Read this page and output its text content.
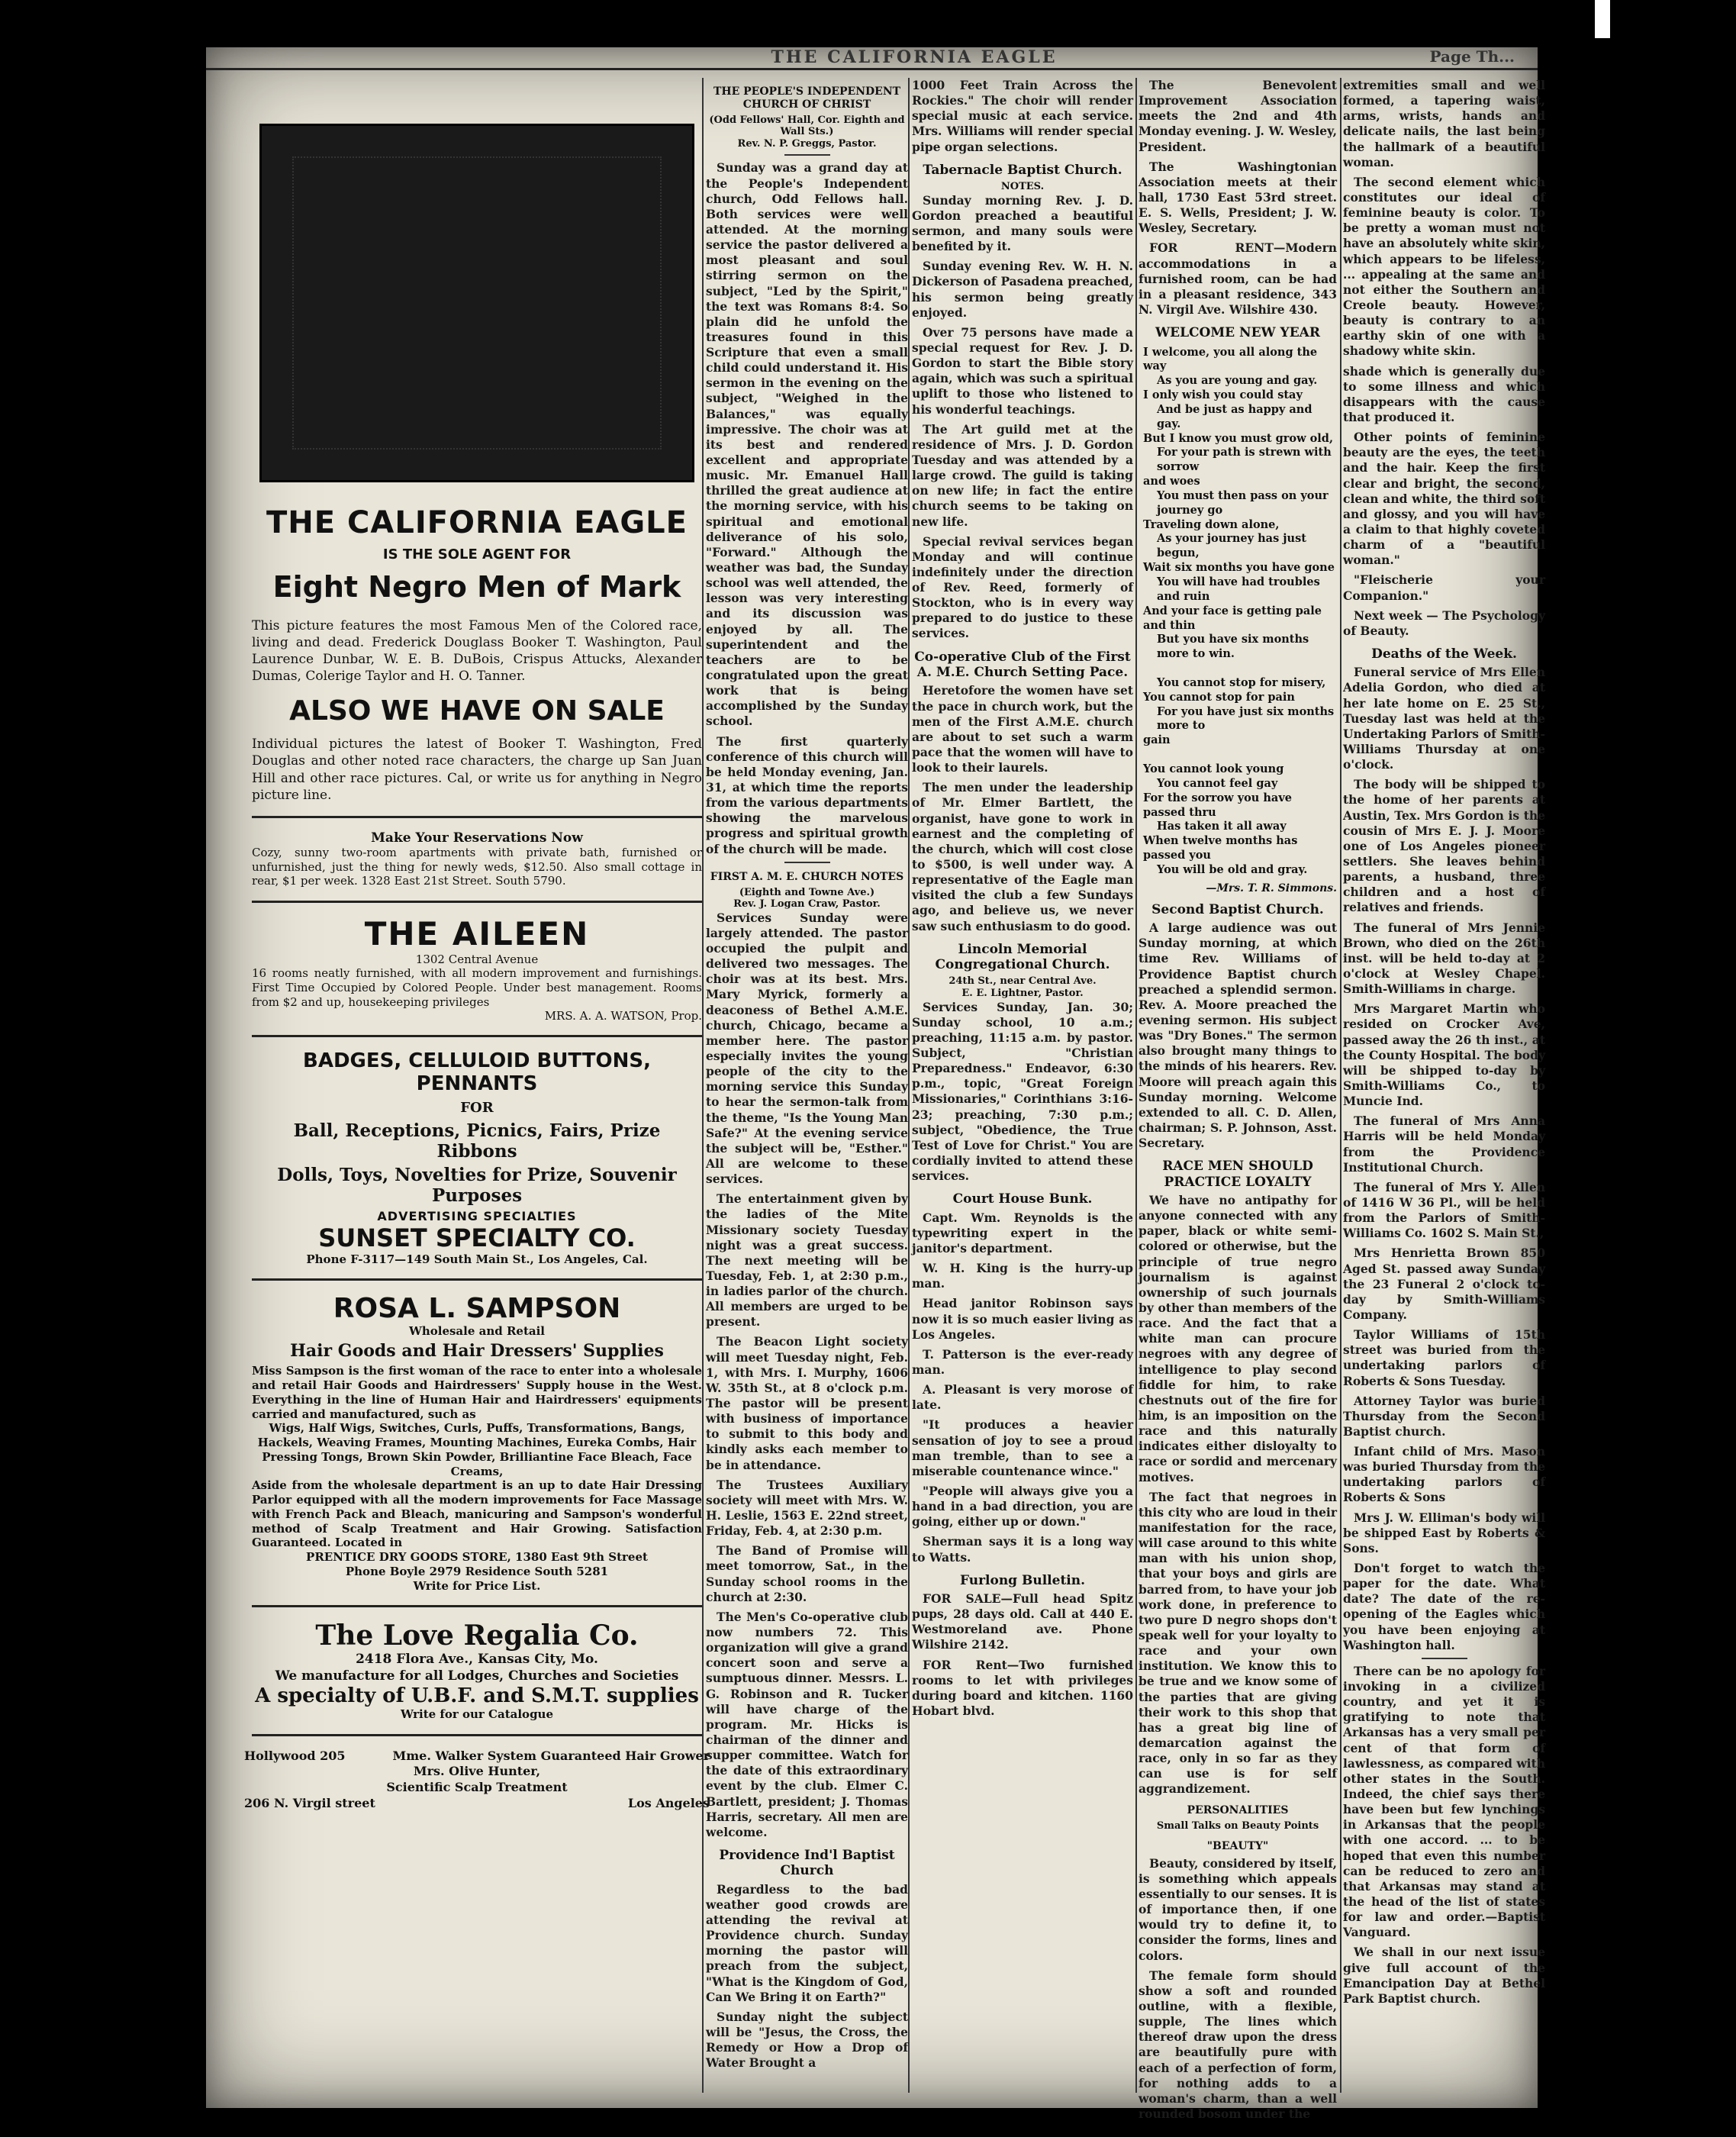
THE CALIFORNIA EAGLE	Page Th...
THE CALIFORNIA EAGLE
IS THE SOLE AGENT FOR
Eight Negro Men of Mark
This picture features the most Famous Men of the Colored race, living and dead. Frederick Douglass Booker T. Washington, Paul Laurence Dunbar, W. E. B. DuBois, Crispus Attucks, Alexander Dumas, Colerige Taylor and H. O. Tanner.
ALSO WE HAVE ON SALE
Individual pictures the latest of Booker T. Washington, Fred Douglas and other noted race characters, the charge up San Juan Hill and other race pictures. Cal, or write us for anything in Negro picture line.
Make Your Reservations Now
Cozy, sunny two-room apartments with private bath, furnished or unfurnished, just the thing for newly weds, $12.50. Also small cottage in rear, $1 per week. 1328 East 21st Street. South 5790.
THE AILEEN
1302 Central Avenue
16 rooms neatly furnished, with all modern improvement and furnishings. First Time Occupied by Colored People. Under best management. Rooms from $2 and up, housekeeping privileges
MRS. A. A. WATSON, Prop.
BADGES, CELLULOID BUTTONS, PENNANTS
FOR
Ball, Receptions, Picnics, Fairs, Prize Ribbons
Dolls, Toys, Novelties for Prize, Souvenir Purposes
ADVERTISING SPECIALTIES
SUNSET SPECIALTY CO.
Phone F-3117—149 South Main St., Los Angeles, Cal.
ROSA L. SAMPSON
Wholesale and Retail
Hair Goods and Hair Dressers' Supplies
Miss Sampson is the first woman of the race to enter into a wholesale and retail Hair Goods and Hairdressers' Supply house in the West. Everything in the line of Human Hair and Hairdressers' equipments carried and manufactured, such as
Wigs, Half Wigs, Switches, Curls, Puffs, Transformations, Bangs, Hackels, Weaving Frames, Mounting Machines, Eureka Combs, Hair Pressing Tongs, Brown Skin Powder, Brilliantine Face Bleach, Face Creams,
Aside from the wholesale department is an up to date Hair Dressing Parlor equipped with all the modern improvements for Face Massage with French Pack and Bleach, manicuring and Sampson's wonderful method of Scalp Treatment and Hair Growing. Satisfaction Guaranteed. Located in
PRENTICE DRY GOODS STORE, 1380 East 9th Street
Phone Boyle 2979 Residence South 5281
Write for Price List.
The Love Regalia Co.
2418 Flora Ave., Kansas City, Mo.
We manufacture for all Lodges, Churches and Societies
A specialty of U.B.F. and S.M.T. supplies
Write for our Catalogue
Hollywood 205	Mme. Walker System Guaranteed Hair Grower
Mrs. Olive Hunter,
Scientific Scalp Treatment
206 N. Virgil street	Los Angeles
THE PEOPLE'S INDEPENDENT CHURCH OF CHRIST
(Odd Fellows' Hall, Cor. Eighth and Wall Sts.)
Rev. N. P. Greggs, Pastor.

Sunday was a grand day at the People's Independent church, Odd Fellows hall. Both services were well attended. At the morning service the pastor delivered a most pleasant and soul stirring sermon on the subject, "Led by the Spirit," the text was Romans 8:4. So plain did he unfold the treasures found in this Scripture that even a small child could understand it. His sermon in the evening on the subject, "Weighed in the Balances," was equally impressive. The choir was at its best and rendered excellent and appropriate music. Mr. Emanuel Hall thrilled the great audience at the morning service, with his spiritual and emotional deliverance of his solo, "Forward." Although the weather was bad, the Sunday school was well attended, the lesson was very interesting and its discussion was enjoyed by all. The superintendent and the teachers are to be congratulated upon the great work that is being accomplished by the Sunday school.

The first quarterly conference of this church will be held Monday evening, Jan. 31, at which time the reports from the various departments showing the marvelous progress and spiritual growth of the church will be made.

FIRST A. M. E. CHURCH NOTES
(Eighth and Towne Ave.)
Rev. J. Logan Craw, Pastor.

Services Sunday were largely attended. The pastor occupied the pulpit and delivered two messages. The choir was at its best. Mrs. Mary Myrick, formerly a deaconess of Bethel A.M.E. church, Chicago, became a member here. The pastor especially invites the young people of the city to the morning service this Sunday to hear the sermon-talk from the theme, "Is the Young Man Safe?" At the evening service the subject will be, "Esther." All are welcome to these services.

The entertainment given by the ladies of the Mite Missionary society Tuesday night was a great success. The next meeting will be Tuesday, Feb. 1, at 2:30 p.m., in ladies parlor of the church. All members are urged to be present.

The Beacon Light society will meet Tuesday night, Feb. 1, with Mrs. I. Murphy, 1606 W. 35th St., at 8 o'clock p.m. The pastor will be present with business of importance to submit to this body and kindly asks each member to be in attendance.

The Trustees Auxiliary society will meet with Mrs. W. H. Leslie, 1563 E. 22nd street, Friday, Feb. 4, at 2:30 p.m.

The Band of Promise will meet tomorrow, Sat., in the Sunday school rooms in the church at 2:30.

The Men's Co-operative club now numbers 72. This organization will give a grand concert soon and serve a sumptuous dinner. Messrs. L. G. Robinson and R. Tucker will have charge of the program. Mr. Hicks is chairman of the dinner and supper committee. Watch for the date of this extraordinary event by the club. Elmer C. Bartlett, president; J. Thomas Harris, secretary. All men are welcome.

Providence Ind'l Baptist Church

Regardless to the bad weather good crowds are attending the revival at Providence church. Sunday morning the pastor will preach from the subject, "What is the Kingdom of God, Can We Bring it on Earth?"

Sunday night the subject will be "Jesus, the Cross, the Remedy or How a Drop of Water Brought a

1000 Feet Train Across the Rockies." The choir will render special music at each service. Mrs. Williams will render special pipe organ selections.

Tabernacle Baptist Church.
NOTES.

Sunday morning Rev. J. D. Gordon preached a beautiful sermon, and many souls were benefited by it.

Sunday evening Rev. W. H. N. Dickerson of Pasadena preached, his sermon being greatly enjoyed.

Over 75 persons have made a special request for Rev. J. D. Gordon to start the Bible story again, which was such a spiritual uplift to those who listened to his wonderful teachings.

The Art guild met at the residence of Mrs. J. D. Gordon Tuesday and was attended by a large crowd. The guild is taking on new life; in fact the entire church seems to be taking on new life.

Special revival services began Monday and will continue indefinitely under the direction of Rev. Reed, formerly of Stockton, who is in every way prepared to do justice to these services.

Co-operative Club of the First A. M.E. Church Setting Pace.

Heretofore the women have set the pace in church work, but the men of the First A.M.E. church are about to set such a warm pace that the women will have to look to their laurels.

The men under the leadership of Mr. Elmer Bartlett, the organist, have gone to work in earnest and the completing of the church, which will cost close to $500, is well under way. A representative of the Eagle man visited the club a few Sundays ago, and believe us, we never saw such enthusiasm to do good.

Lincoln Memorial Congregational Church.
24th St., near Central Ave.
E. E. Lightner, Pastor.

Services Sunday, Jan. 30; Sunday school, 10 a.m.; preaching, 11:15 a.m. by pastor. Subject, "Christian Preparedness." Endeavor, 6:30 p.m., topic, "Great Foreign Missionaries," Corinthians 3:16-23; preaching, 7:30 p.m.; subject, "Obedience, the True Test of Love for Christ." You are cordially invited to attend these services.

Court House Bunk.

Capt. Wm. Reynolds is the typewriting expert in the janitor's department.

W. H. King is the hurry-up man.

Head janitor Robinson says now it is so much easier living as Los Angeles.

T. Patterson is the ever-ready man.

A. Pleasant is very morose of late.

"It produces a heavier sensation of joy to see a proud man tremble, than to see a miserable countenance wince."

"People will always give you a hand in a bad direction, you are going, either up or down."

Sherman says it is a long way to Watts.

Furlong Bulletin.

FOR SALE—Full head Spitz pups, 28 days old. Call at 440 E. Westmoreland ave. Phone Wilshire 2142.

FOR Rent—Two furnished rooms to let with privileges during board and kitchen. 1160 Hobart blvd.

The Benevolent Improvement Association meets the 2nd and 4th Monday evening. J. W. Wesley, President.

The Washingtonian Association meets at their hall, 1730 East 53rd street. E. S. Wells, President; J. W. Wesley, Secretary.

FOR RENT—Modern accommodations in a furnished room, can be had in a pleasant residence, 343 N. Virgil Ave. Wilshire 430.

WELCOME NEW YEAR
I welcome, you all along the way
As you are young and gay.
I only wish you could stay
And be just as happy and gay.
But I know you must grow old,
For your path is strewn with sorrow
and woes
You must then pass on your journey go
Traveling down alone,
As your journey has just begun,
Wait six months you have gone
You will have had troubles and ruin
And your face is getting pale and thin
But you have six months more to win.

You cannot stop for misery,
You cannot stop for pain
For you have just six months more to
gain

You cannot look young
You cannot feel gay
For the sorrow you have passed thru
Has taken it all away
When twelve months has passed you
You will be old and gray.
—Mrs. T. R. Simmons.
Second Baptist Church.

A large audience was out Sunday morning, at which time Rev. Williams of Providence Baptist church preached a splendid sermon. Rev. A. Moore preached the evening sermon. His subject was "Dry Bones." The sermon also brought many things to the minds of his hearers. Rev. Moore will preach again this Sunday morning. Welcome extended to all. C. D. Allen, chairman; S. P. Johnson, Asst. Secretary.

RACE MEN SHOULD PRACTICE LOYALTY

We have no antipathy for anyone connected with any paper, black or white semi-colored or otherwise, but the principle of true negro journalism is against ownership of such journals by other than members of the race. And the fact that a white man can procure negroes with any degree of intelligence to play second fiddle for him, to rake chestnuts out of the fire for him, is an imposition on the race and this naturally indicates either disloyalty to race or sordid and mercenary motives.

The fact that negroes in this city who are loud in their manifestation for the race, will case around to this white man with his union shop, that your boys and girls are barred from, to have your job work done, in preference to two pure D negro shops don't speak well for your loyalty to race and your own institution. We know this to be true and we know some of the parties that are giving their work to this shop that has a great big line of demarcation against the race, only in so far as they can use is for self aggrandizement.

PERSONALITIES
Small Talks on Beauty Points
"BEAUTY"

Beauty, considered by itself, is something which appeals essentially to our senses. It is of importance then, if one would try to define it, to consider the forms, lines and colors.

The female form should show a soft and rounded outline, with a flexible, supple, The lines which thereof draw upon the dress are beautifully pure with each of a perfection of form, for nothing adds to a woman's charm, than a well rounded bosom under the

extremities small and well formed, a tapering waist, arms, wrists, hands and delicate nails, the last being the hallmark of a beautiful woman.

The second element which constitutes our ideal of feminine beauty is color. To be pretty a woman must not have an absolutely white skin, which appears to be lifeless, ... appealing at the same and not either the Southern and Creole beauty. However, beauty is contrary to an earthy skin of one with a shadowy white skin.

shade which is generally due to some illness and which disappears with the cause that produced it.

Other points of feminine beauty are the eyes, the teeth and the hair. Keep the first clear and bright, the second, clean and white, the third soft and glossy, and you will have a claim to that highly coveted charm of a "beautiful woman."

"Fleischerie your Companion."

Next week — The Psychology of Beauty.

Deaths of the Week.

Funeral service of Mrs Ellen Adelia Gordon, who died at her late home on E. 25 St., Tuesday last was held at the Undertaking Parlors of Smith-Williams Thursday at one o'clock.

The body will be shipped to the home of her parents at Austin, Tex. Mrs Gordon is the cousin of Mrs E. J. J. Moore one of Los Angeles pioneer settlers. She leaves behind parents, a husband, three children and a host of relatives and friends.

The funeral of Mrs Jennie Brown, who died on the 26th inst. will be held to-day at 2 o'clock at Wesley Chapel. Smith-Williams in charge.

Mrs Margaret Martin who resided on Crocker Ave, passed away the 26 th inst., at the County Hospital. The body will be shipped to-day by Smith-Williams Co., to Muncie Ind.

The funeral of Mrs Anna Harris will be held Monday from the Providence Institutional Church.

The funeral of Mrs Y. Allen of 1416 W 36 Pl., will be held from the Parlors of Smith-Williams Co. 1602 S. Main St.,

Mrs Henrietta Brown 850 Aged St. passed away Sunday the 23 Funeral 2 o'clock to-day by Smith-Williams Company.

Taylor Williams of 15th street was buried from the undertaking parlors of Roberts & Sons Tuesday.

Attorney Taylor was buried Thursday from the Second Baptist church.

Infant child of Mrs. Mason was buried Thursday from the undertaking parlors of Roberts & Sons

Mrs J. W. Elliman's body will be shipped East by Roberts & Sons.

Don't forget to watch the paper for the date. What date? The date of the re-opening of the Eagles which you have been enjoying at Washington hall.

There can be no apology for invoking in a civilized country, and yet it is gratifying to note that Arkansas has a very small per cent of that form of lawlessness, as compared with other states in the South. Indeed, the chief says there have been but few lynchings in Arkansas that the people with one accord. ... to be hoped that even this number can be reduced to zero and that Arkansas may stand at the head of the list of states for law and order.—Baptist Vanguard.

We shall in our next issue give full account of the Emancipation Day at Bethel Park Baptist church.
